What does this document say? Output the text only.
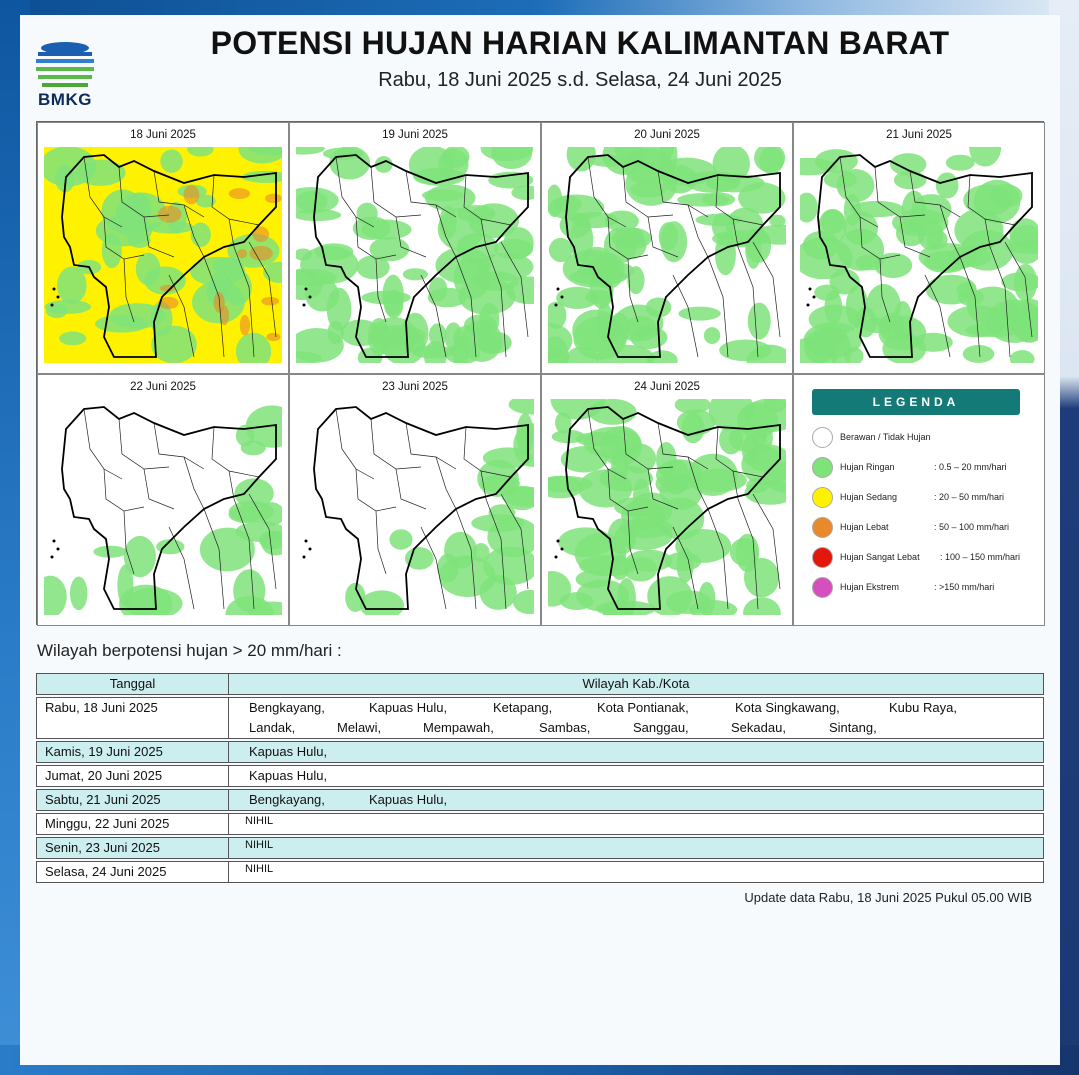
BMKG
POTENSI HUJAN HARIAN KALIMANTAN BARAT
Rabu, 18 Juni 2025 s.d. Selasa, 24 Juni 2025
18 Juni 2025	19 Juni 2025	20 Juni 2025	21 Juni 2025
22 Juni 2025	23 Juni 2025	24 Juni 2025
LEGENDA
Berawan / Tidak Hujan
Hujan Ringan	: 0.5 – 20 mm/hari
Hujan Sedang	: 20 – 50 mm/hari
Hujan Lebat	: 50 – 100 mm/hari
Hujan Sangat Lebat : 100 – 150 mm/hari
Hujan Ekstrem	: >150 mm/hari
Wilayah berpotensi hujan > 20 mm/hari :
Tanggal	Wilayah Kab./Kota
Rabu, 18 Juni 2025	Bengkayang,	Kapuas Hulu,	Ketapang,	Kota Pontianak,	Kota Singkawang,	Kubu Raya,
Landak,	Melawi,	Mempawah,	Sambas,	Sanggau,	Sekadau,	Sintang,
Kamis, 19 Juni 2025	Kapuas Hulu,
Jumat, 20 Juni 2025	Kapuas Hulu,
Sabtu, 21 Juni 2025	Bengkayang,	Kapuas Hulu,
Minggu, 22 Juni 2025	NIHIL
Senin, 23 Juni 2025	NIHIL
Selasa, 24 Juni 2025	NIHIL
Update data Rabu, 18 Juni 2025 Pukul 05.00 WIB
